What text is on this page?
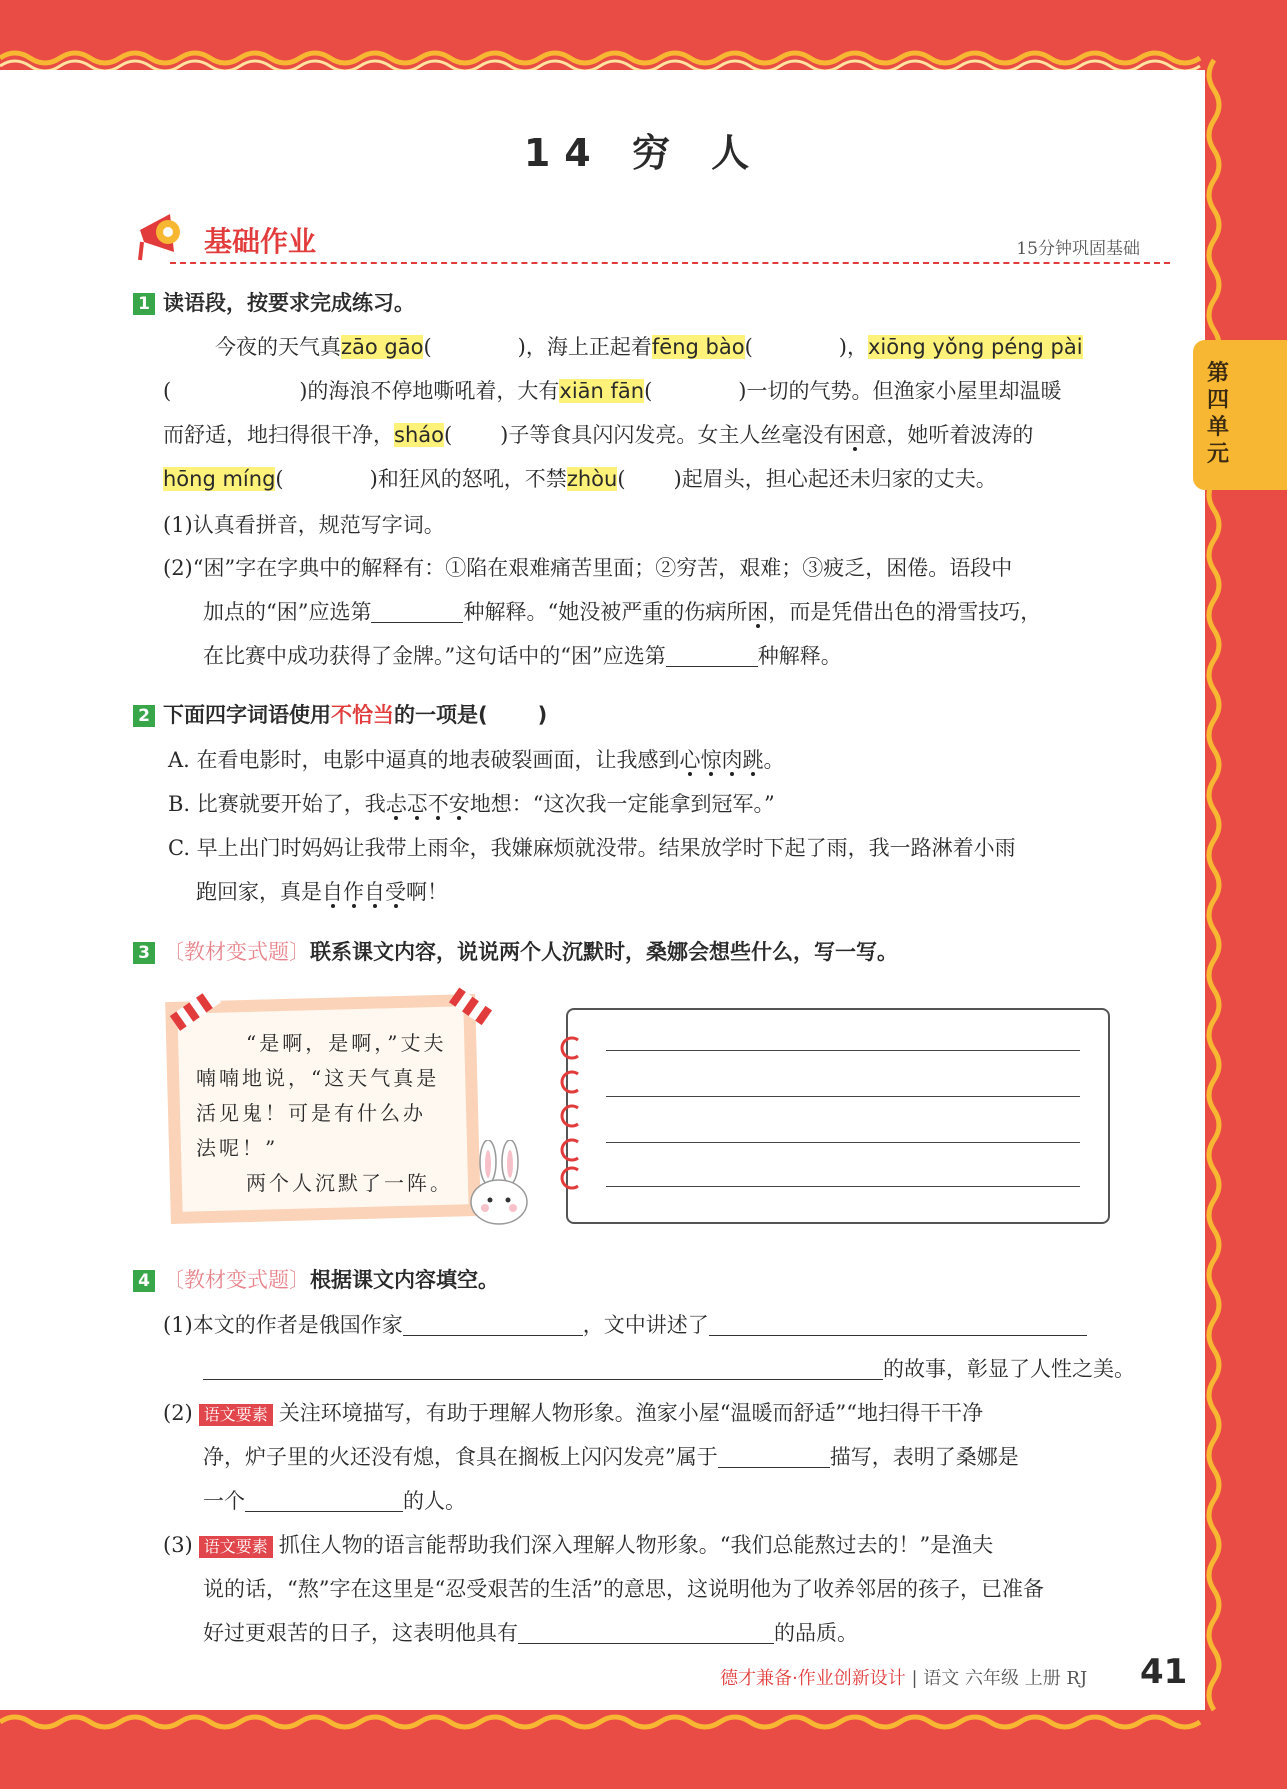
14 穷 人
第四单元
基础作业	15分钟巩固基础
1 读语段，按要求完成练习。
今夜的天气真zāo gāo(	)，海上正起着fēng bào(	)，xiōng yǒng péng pài
(	)的海浪不停地嘶吼着，大有xiān fān(	)一切的气势。但渔家小屋里却温暖
而舒适，地扫得很干净，sháo( )子等食具闪闪发亮。女主人丝毫没有困意，她听着波涛的
hōng míng(	)和狂风的怒吼，不禁zhòu( )起眉头，担心起还未归家的丈夫。
(1)认真看拼音，规范写字词。
(2)“困”字在字典中的解释有：①陷在艰难痛苦里面；②穷苦，艰难；③疲乏，困倦。语段中
加点的“困”应选第	种解释。“她没被严重的伤病所困，而是凭借出色的滑雪技巧，
在比赛中成功获得了金牌。”这句话中的“困”应选第	种解释。
2 下面四字词语使用不恰当的一项是( )
A. 在看电影时，电影中逼真的地表破裂画面，让我感到心惊肉跳。
B. 比赛就要开始了，我忐忑不安地想：“这次我一定能拿到冠军。”
C. 早上出门时妈妈让我带上雨伞，我嫌麻烦就没带。结果放学时下起了雨，我一路淋着小雨
跑回家，真是自作自受啊！
3 〔教材变式题〕联系课文内容，说说两个人沉默时，桑娜会想些什么，写一写。
“是啊，是啊，”丈夫
喃喃地说，“这天气真是
活见鬼！可是有什么办
法呢！”
两个人沉默了一阵。
4 〔教材变式题〕根据课文内容填空。
(1)本文的作者是俄国作家	，文中讲述了
的故事，彰显了人性之美。
(2) 语文要素 关注环境描写，有助于理解人物形象。渔家小屋“温暖而舒适”“地扫得干干净
净，炉子里的火还没有熄，食具在搁板上闪闪发亮”属于	描写，表明了桑娜是
一个	的人。
(3) 语文要素 抓住人物的语言能帮助我们深入理解人物形象。“我们总能熬过去的！”是渔夫
说的话，“熬”字在这里是“忍受艰苦的生活”的意思，这说明他为了收养邻居的孩子，已准备
好过更艰苦的日子，这表明他具有	的品质。
德才兼备·作业创新设计 | 语文 六年级 上册 RJ 41
